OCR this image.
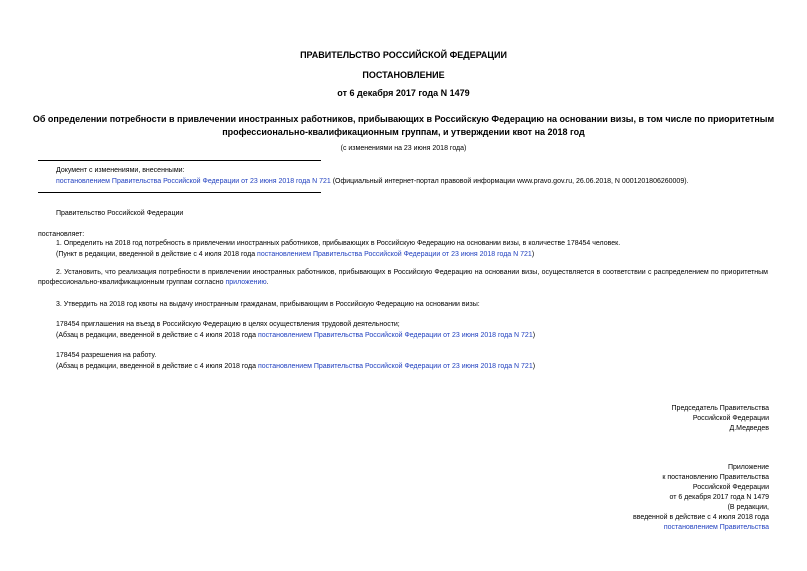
ПРАВИТЕЛЬСТВО РОССИЙСКОЙ ФЕДЕРАЦИИ
ПОСТАНОВЛЕНИЕ
от 6 декабря 2017 года N 1479
Об определении потребности в привлечении иностранных работников, прибывающих в Российскую Федерацию на основании визы, в том числе по приоритетным профессионально-квалификационным группам, и утверждении квот на 2018 год
(с изменениями на 23 июня 2018 года)
Документ с изменениями, внесенными:
постановлением Правительства Российской Федерации от 23 июня 2018 года N 721 (Официальный интернет-портал правовой информации www.pravo.gov.ru, 26.06.2018, N 0001201806260009).
Правительство Российской Федерации
постановляет:
1. Определить на 2018 год потребность в привлечении иностранных работников, прибывающих в Российскую Федерацию на основании визы, в количестве 178454 человек.
(Пункт в редакции, введенной в действие с 4 июля 2018 года постановлением Правительства Российской Федерации от 23 июня 2018 года N 721)
2. Установить, что реализация потребности в привлечении иностранных работников, прибывающих в Российскую Федерацию на основании визы, осуществляется в соответствии с распределением по приоритетным профессионально-квалификационным группам согласно приложению.
3. Утвердить на 2018 год квоты на выдачу иностранным гражданам, прибывающим в Российскую Федерацию на основании визы:
178454 приглашения на въезд в Российскую Федерацию в целях осуществления трудовой деятельности;
(Абзац в редакции, введенной в действие с 4 июля 2018 года постановлением Правительства Российской Федерации от 23 июня 2018 года N 721)
178454 разрешения на работу.
(Абзац в редакции, введенной в действие с 4 июля 2018 года постановлением Правительства Российской Федерации от 23 июня 2018 года N 721)
Председатель Правительства
Российской Федерации
Д.Медведев
Приложение
к постановлению Правительства
Российской Федерации
от 6 декабря 2017 года N 1479
(В редакции,
введенной в действие с 4 июля 2018 года
постановлением Правительства
